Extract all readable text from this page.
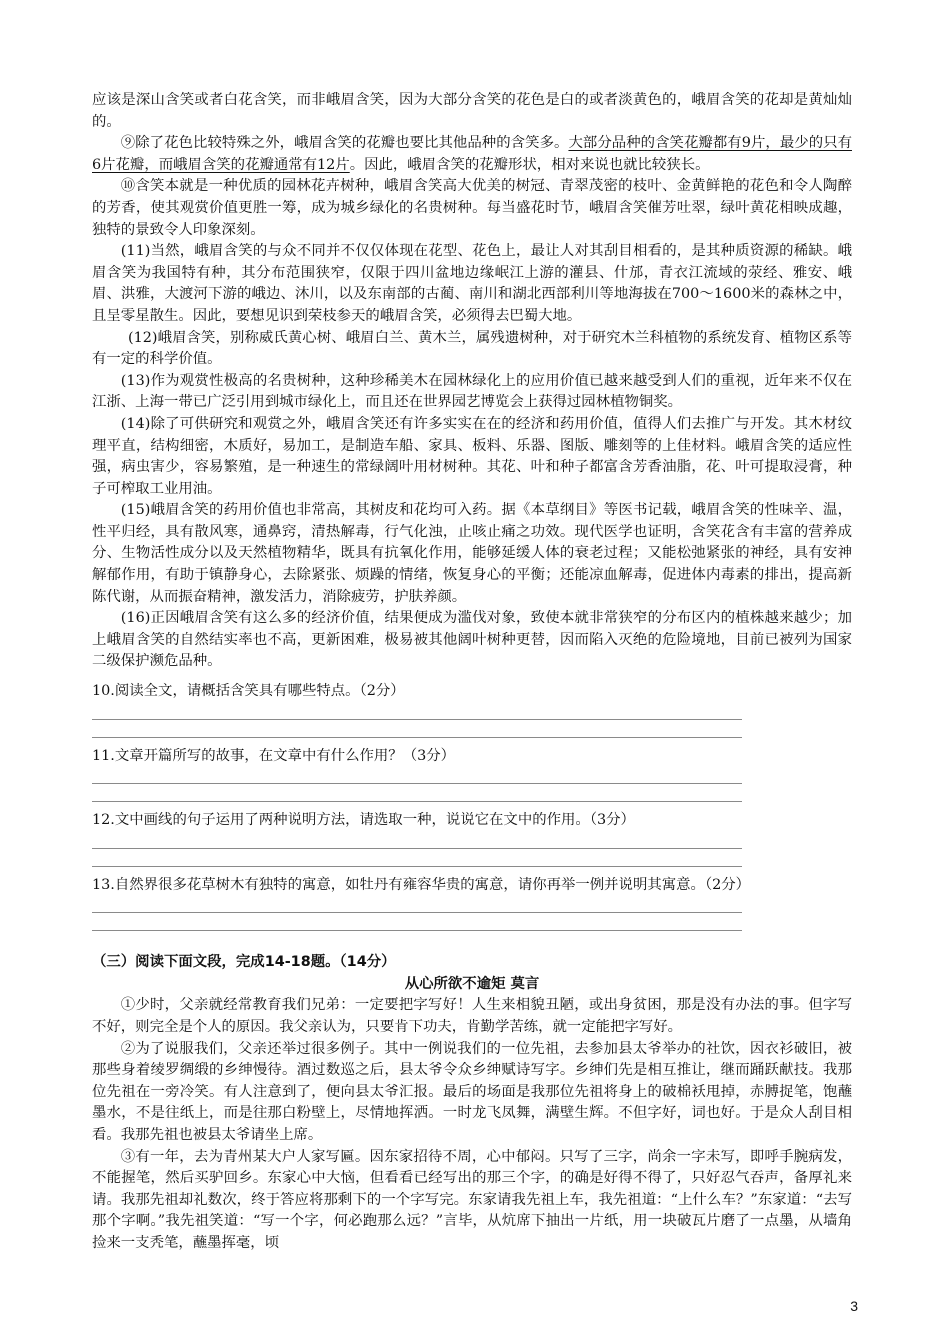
应该是深山含笑或者白花含笑，而非峨眉含笑，因为大部分含笑的花色是白的或者淡黄色的，峨眉含笑的花却是黄灿灿的。

⑨除了花色比较特殊之外，峨眉含笑的花瓣也要比其他品种的含笑多。大部分品种的含笑花瓣都有9片，最少的只有6片花瓣，而峨眉含笑的花瓣通常有12片。因此，峨眉含笑的花瓣形状，相对来说也就比较狭长。

⑩含笑本就是一种优质的园林花卉树种，峨眉含笑高大优美的树冠、青翠茂密的枝叶、金黄鲜艳的花色和令人陶醉的芳香，使其观赏价值更胜一筹，成为城乡绿化的名贵树种。每当盛花时节，峨眉含笑催芳吐翠，绿叶黄花相映成趣，独特的景致令人印象深刻。

(11)当然，峨眉含笑的与众不同并不仅仅体现在花型、花色上，最让人对其刮目相看的，是其种质资源的稀缺。峨眉含笑为我国特有种，其分布范围狭窄，仅限于四川盆地边缘岷江上游的灌县、什邡，青衣江流域的荥经、雅安、峨眉、洪雅，大渡河下游的峨边、沐川，以及东南部的古蔺、南川和湖北西部利川等地海拔在700～1600米的森林之中，且呈零星散生。因此，要想见识到荣枝参天的峨眉含笑，必须得去巴蜀大地。

(12)峨眉含笑，别称威氏黄心树、峨眉白兰、黄木兰，属残遗树种，对于研究木兰科植物的系统发育、植物区系等有一定的科学价值。

(13)作为观赏性极高的名贵树种，这种珍稀美木在园林绿化上的应用价值已越来越受到人们的重视，近年来不仅在江浙、上海一带已广泛引用到城市绿化上，而且还在世界园艺博览会上获得过园林植物铜奖。

(14)除了可供研究和观赏之外，峨眉含笑还有许多实实在在的经济和药用价值，值得人们去推广与开发。其木材纹理平直，结构细密，木质好，易加工，是制造车船、家具、板料、乐器、图版、雕刻等的上佳材料。峨眉含笑的适应性强，病虫害少，容易繁殖，是一种速生的常绿阔叶用材树种。其花、叶和种子都富含芳香油脂，花、叶可提取浸膏，种子可榨取工业用油。

(15)峨眉含笑的药用价值也非常高，其树皮和花均可入药。据《本草纲目》等医书记载，峨眉含笑的性味辛、温，性平归经，具有散风寒，通鼻窍，清热解毒，行气化浊，止咳止痛之功效。现代医学也证明，含笑花含有丰富的营养成分、生物活性成分以及天然植物精华，既具有抗氧化作用，能够延缓人体的衰老过程；又能松弛紧张的神经，具有安神解郁作用，有助于镇静身心，去除紧张、烦躁的情绪，恢复身心的平衡；还能凉血解毒，促进体内毒素的排出，提高新陈代谢，从而振奋精神，激发活力，消除疲劳，护肤养颜。

(16)正因峨眉含笑有这么多的经济价值，结果便成为滥伐对象，致使本就非常狭窄的分布区内的植株越来越少；加上峨眉含笑的自然结实率也不高，更新困难，极易被其他阔叶树种更替，因而陷入灭绝的危险境地，目前已被列为国家二级保护濒危品种。

10.阅读全文，请概括含笑具有哪些特点。（2分）

11.文章开篇所写的故事，在文章中有什么作用？（3分）

12.文中画线的句子运用了两种说明方法，请选取一种，说说它在文中的作用。（3分）

13.自然界很多花草树木有独特的寓意，如牡丹有雍容华贵的寓意，请你再举一例并说明其寓意。（2分）

（三）阅读下面文段，完成14-18题。（14分）
从心所欲不逾矩 莫言

①少时，父亲就经常教育我们兄弟：一定要把字写好！人生来相貌丑陋，或出身贫困，那是没有办法的事。但字写不好，则完全是个人的原因。我父亲认为，只要肯下功夫，肯勤学苦练，就一定能把字写好。

②为了说服我们，父亲还举过很多例子。其中一例说我们的一位先祖，去参加县太爷举办的社饮，因衣衫破旧，被那些身着绫罗绸缎的乡绅慢待。酒过数巡之后，县太爷令众乡绅赋诗写字。乡绅们先是相互推让，继而踊跃献技。我那位先祖在一旁冷笑。有人注意到了，便向县太爷汇报。最后的场面是我那位先祖将身上的破棉袄甩掉，赤膊捉笔，饱蘸墨水，不是往纸上，而是往那白粉壁上，尽情地挥洒。一时龙飞凤舞，满壁生辉。不但字好，词也好。于是众人刮目相看。我那先祖也被县太爷请坐上席。

③有一年，去为青州某大户人家写匾。因东家招待不周，心中郁闷。只写了三字，尚余一字未写，即呼手腕病发，不能握笔，然后买驴回乡。东家心中大恼，但看看已经写出的那三个字，的确是好得不得了，只好忍气吞声，备厚礼来请。我那先祖却礼数次，终于答应将那剩下的一个字写完。东家请我先祖上车，我先祖道：“上什么车？”东家道：“去写那个字啊。”我先祖笑道：“写一个字，何必跑那么远？”言毕，从炕席下抽出一片纸，用一块破瓦片磨了一点墨，从墙角捡来一支秃笔，蘸墨挥毫，顷

3
